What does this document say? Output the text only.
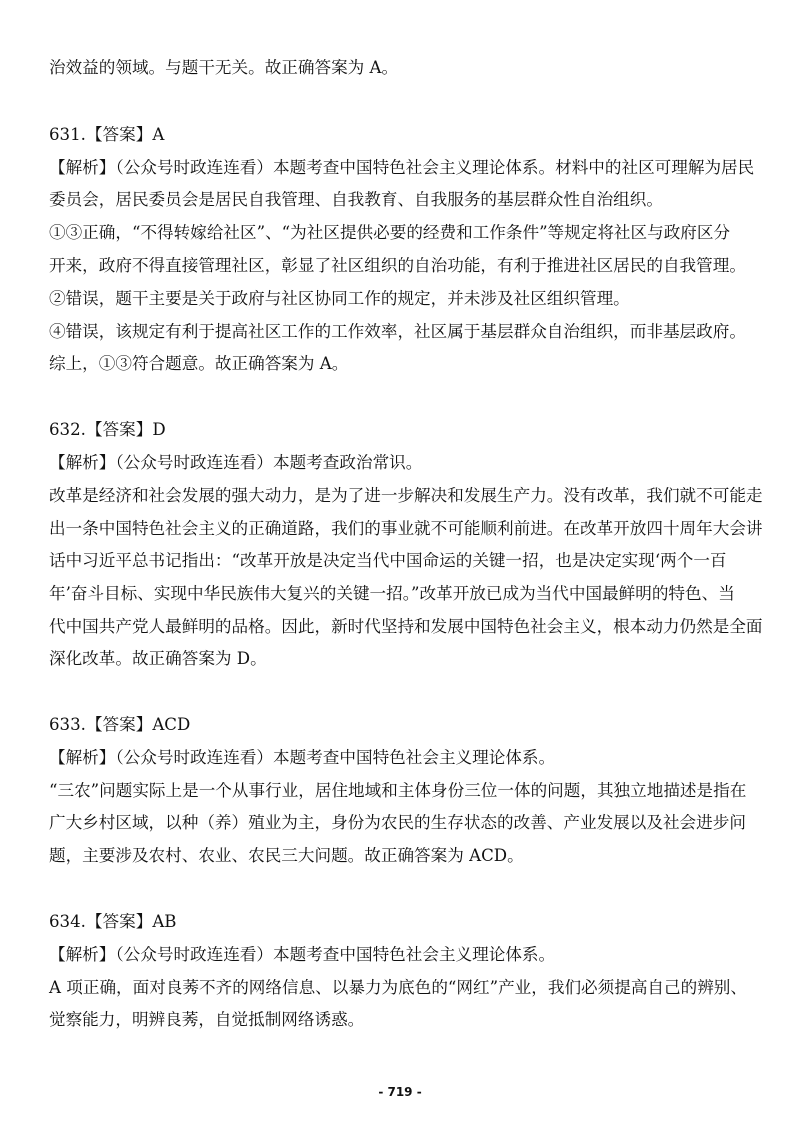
治效益的领域。与题干无关。故正确答案为 A。
631.【答案】A
【解析】（公众号时政连连看）本题考查中国特色社会主义理论体系。材料中的社区可理解为居民
委员会，居民委员会是居民自我管理、自我教育、自我服务的基层群众性自治组织。
①③正确，“不得转嫁给社区”、“为社区提供必要的经费和工作条件”等规定将社区与政府区分
开来，政府不得直接管理社区，彰显了社区组织的自治功能，有利于推进社区居民的自我管理。
②错误，题干主要是关于政府与社区协同工作的规定，并未涉及社区组织管理。
④错误，该规定有利于提高社区工作的工作效率，社区属于基层群众自治组织，而非基层政府。
综上，①③符合题意。故正确答案为 A。
632.【答案】D
【解析】（公众号时政连连看）本题考查政治常识。
改革是经济和社会发展的强大动力，是为了进一步解决和发展生产力。没有改革，我们就不可能走
出一条中国特色社会主义的正确道路，我们的事业就不可能顺利前进。在改革开放四十周年大会讲
话中习近平总书记指出：“改革开放是决定当代中国命运的关键一招，也是决定实现‘两个一百
年’奋斗目标、实现中华民族伟大复兴的关键一招。”改革开放已成为当代中国最鲜明的特色、当
代中国共产党人最鲜明的品格。因此，新时代坚持和发展中国特色社会主义，根本动力仍然是全面
深化改革。故正确答案为 D。
633.【答案】ACD
【解析】（公众号时政连连看）本题考查中国特色社会主义理论体系。
“三农”问题实际上是一个从事行业，居住地域和主体身份三位一体的问题，其独立地描述是指在
广大乡村区域，以种（养）殖业为主，身份为农民的生存状态的改善、产业发展以及社会进步问
题，主要涉及农村、农业、农民三大问题。故正确答案为 ACD。
634.【答案】AB
【解析】（公众号时政连连看）本题考查中国特色社会主义理论体系。
A 项正确，面对良莠不齐的网络信息、以暴力为底色的“网红”产业，我们必须提高自己的辨别、
觉察能力，明辨良莠，自觉抵制网络诱惑。
- 719 -
